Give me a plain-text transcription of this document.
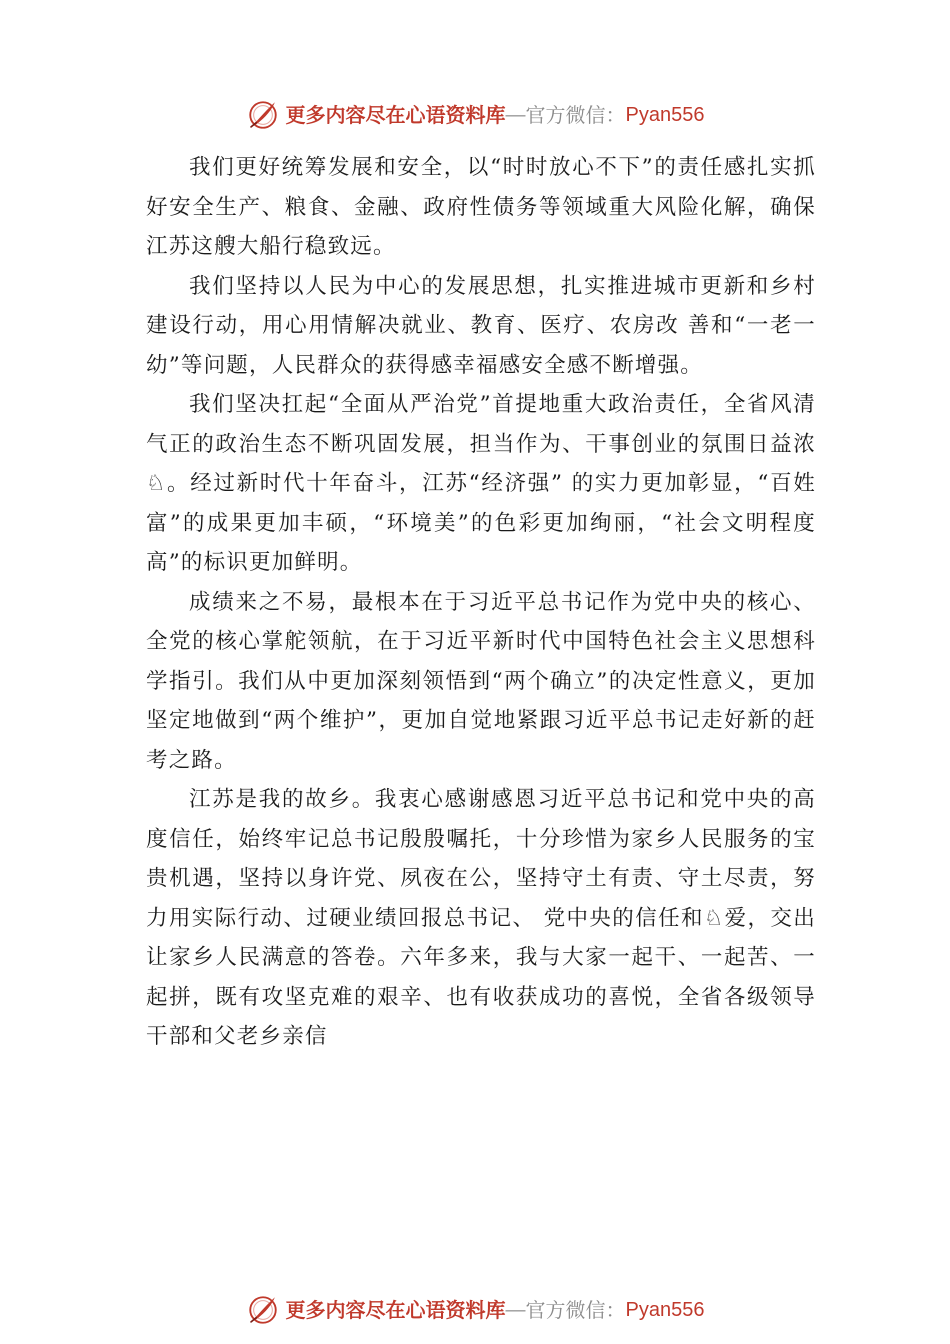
更多内容尽在心语资料库 — 官方微信： Pyan556

我们更好统筹发展和安全，以“时时放心不下”的责任感扎实抓好安全生产、粮食、金融、政府性债务等领域重大风险化解，确保江苏这艘大船行稳致远。

我们坚持以人民为中心的发展思想，扎实推进城市更新和乡村建设行动，用心用情解决就业、教育、医疗、农房改 善和“一老一幼”等问题，人民群众的获得感幸福感安全感不断增强。

我们坚决扛起“全面从严治党”首提地重大政治责任，全省风清气正的政治生态不断巩固发展，担当作为、干事创业的氛围日益浓♘。经过新时代十年奋斗，江苏“经济强” 的实力更加彰显，“百姓富”的成果更加丰硕，“环境美”的色彩更加绚丽，“社会文明程度高”的标识更加鲜明。

成绩来之不易，最根本在于习近平总书记作为党中央的核心、全党的核心掌舵领航，在于习近平新时代中国特色社会主义思想科学指引。我们从中更加深刻领悟到“两个确立”的决定性意义，更加坚定地做到“两个维护”，更加自觉地紧跟习近平总书记走好新的赶考之路。

江苏是我的故乡。我衷心感谢感恩习近平总书记和党中央的高度信任，始终牢记总书记殷殷嘱托，十分珍惜为家乡人民服务的宝贵机遇，坚持以身许党、夙夜在公，坚持守土有责、守土尽责，努力用实际行动、过硬业绩回报总书记、 党中央的信任和♘爱，交出让家乡人民满意的答卷。六年多来，我与大家一起干、一起苦、一起拼，既有攻坚克难的艰辛、也有收获成功的喜悦，全省各级领导干部和父老乡亲信

更多内容尽在心语资料库 — 官方微信： Pyan556
